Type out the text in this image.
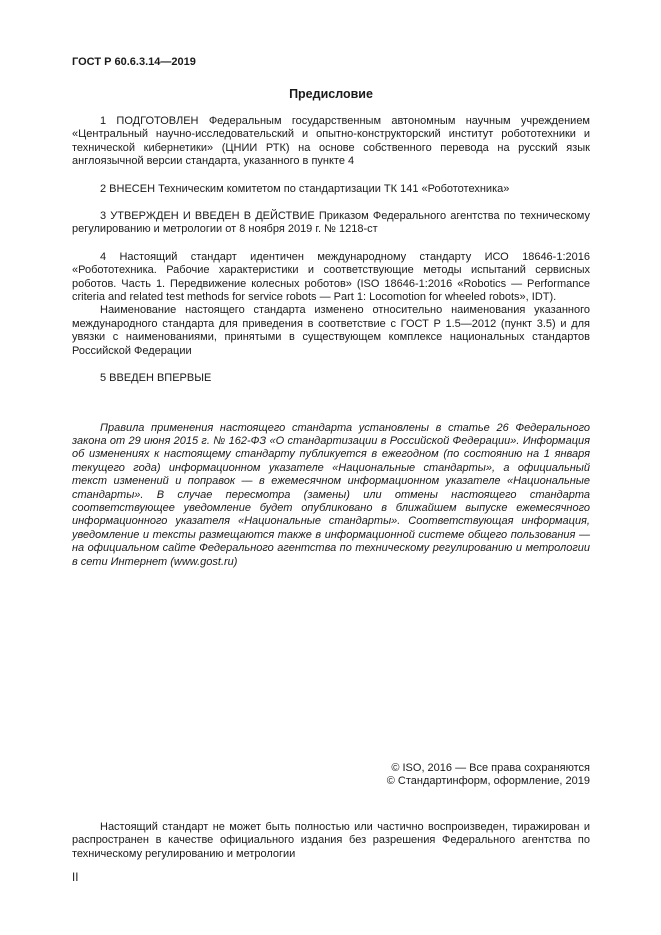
ГОСТ Р 60.6.3.14—2019
Предисловие

1 ПОДГОТОВЛЕН Федеральным государственным автономным научным учреждением «Центральный научно-исследовательский и опытно-конструкторский институт робототехники и технической кибернетики» (ЦНИИ РТК) на основе собственного перевода на русский язык англоязычной версии стандарта, указанного в пункте 4

2 ВНЕСЕН Техническим комитетом по стандартизации ТК 141 «Робототехника»

3 УТВЕРЖДЕН И ВВЕДЕН В ДЕЙСТВИЕ Приказом Федерального агентства по техническому регулированию и метрологии от 8 ноября 2019 г. № 1218-ст

4 Настоящий стандарт идентичен международному стандарту ИСО 18646-1:2016 «Робототехника. Рабочие характеристики и соответствующие методы испытаний сервисных роботов. Часть 1. Передвижение колесных роботов» (ISO 18646-1:2016 «Robotics — Performance criteria and related test methods for service robots — Part 1: Locomotion for wheeled robots», IDT).

Наименование настоящего стандарта изменено относительно наименования указанного международного стандарта для приведения в соответствие с ГОСТ Р 1.5—2012 (пункт 3.5) и для увязки с наименованиями, принятыми в существующем комплексе национальных стандартов Российской Федерации

5 ВВЕДЕН ВПЕРВЫЕ

Правила применения настоящего стандарта установлены в статье 26 Федерального закона от 29 июня 2015 г. № 162-ФЗ «О стандартизации в Российской Федерации». Информация об изменениях к настоящему стандарту публикуется в ежегодном (по состоянию на 1 января текущего года) информационном указателе «Национальные стандарты», а официальный текст изменений и поправок — в ежемесячном информационном указателе «Национальные стандарты». В случае пересмотра (замены) или отмены настоящего стандарта соответствующее уведомление будет опубликовано в ближайшем выпуске ежемесячного информационного указателя «Национальные стандарты». Соответствующая информация, уведомление и тексты размещаются также в информационной системе общего пользования — на официальном сайте Федерального агентства по техническому регулированию и метрологии в сети Интернет (www.gost.ru)

© ISO, 2016 — Все права сохраняются
© Стандартинформ, оформление, 2019

Настоящий стандарт не может быть полностью или частично воспроизведен, тиражирован и распространен в качестве официального издания без разрешения Федерального агентства по техническому регулированию и метрологии

II
